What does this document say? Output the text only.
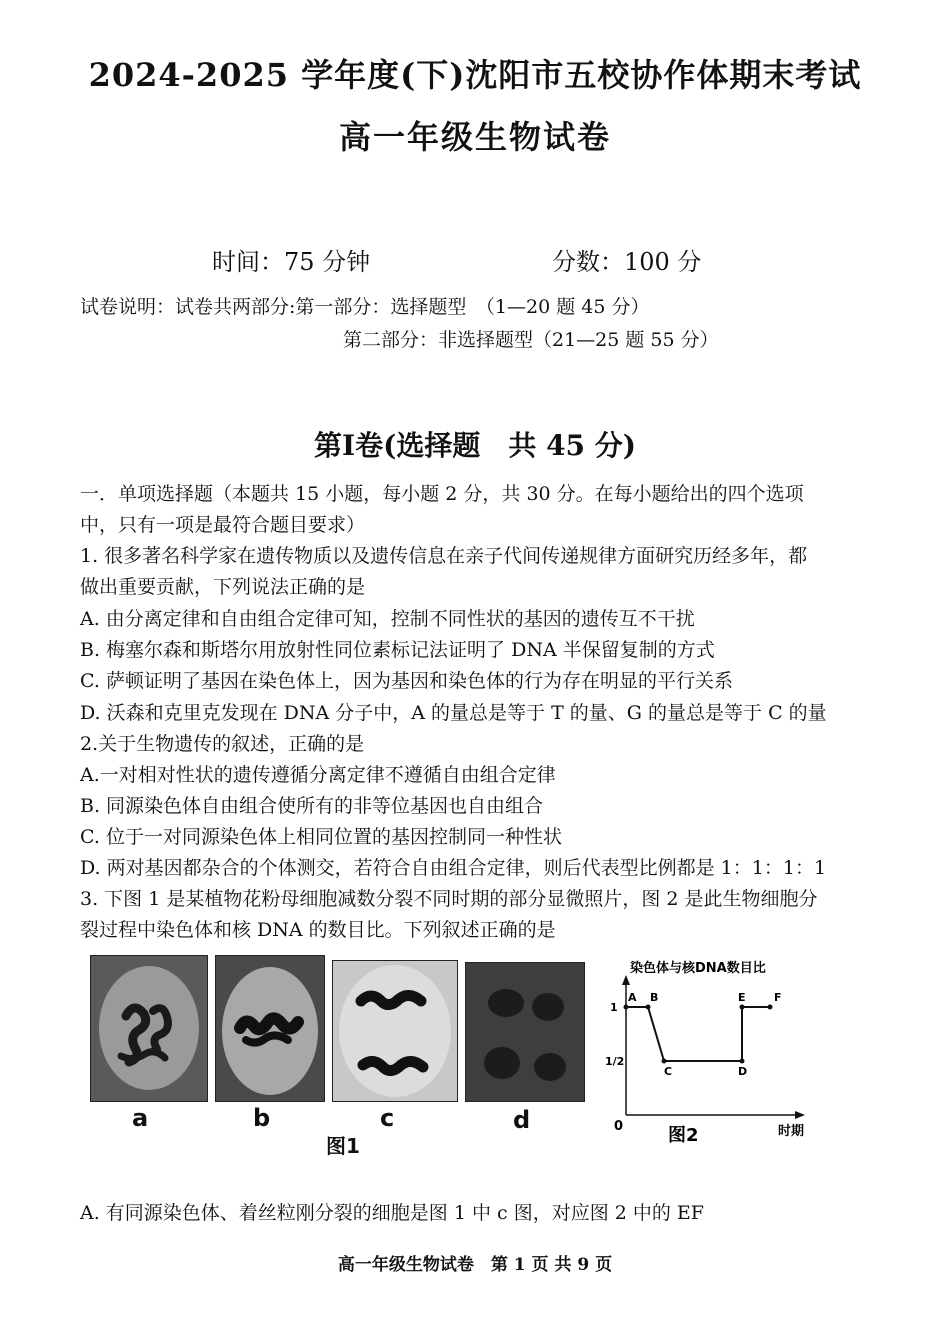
2024-2025 学年度(下)沈阳市五校协作体期末考试
高一年级生物试卷
时间：75 分钟	分数：100 分
试卷说明：试卷共两部分:第一部分：选择题型　（1—20 题 45 分）
第二部分：非选择题型（21—25 题 55 分）
第Ⅰ卷(选择题　共 45 分)
一．单项选择题（本题共 15 小题，每小题 2 分，共 30 分。在每小题给出的四个选项
中，只有一项是最符合题目要求）
1. 很多著名科学家在遗传物质以及遗传信息在亲子代间传递规律方面研究历经多年，都
做出重要贡献，下列说法正确的是
A. 由分离定律和自由组合定律可知，控制不同性状的基因的遗传互不干扰
B. 梅塞尔森和斯塔尔用放射性同位素标记法证明了 DNA 半保留复制的方式
C. 萨顿证明了基因在染色体上，因为基因和染色体的行为存在明显的平行关系
D. 沃森和克里克发现在 DNA 分子中，A 的量总是等于 T 的量、G 的量总是等于 C 的量
2.关于生物遗传的叙述，正确的是
A.一对相对性状的遗传遵循分离定律不遵循自由组合定律
B. 同源染色体自由组合使所有的非等位基因也自由组合
C. 位于一对同源染色体上相同位置的基因控制同一种性状
D. 两对基因都杂合的个体测交，若符合自由组合定律，则后代表型比例都是 1：1：1：1
3. 下图 1 是某植物花粉母细胞减数分裂不同时期的部分显微照片，图 2 是此生物细胞分
裂过程中染色体和核 DNA 的数目比。下列叙述正确的是
a	b	c	d
图1
染色体与核DNA数目比
0
1
1/2
时期
图2
A B
C	D
E	F
A. 有同源染色体、着丝粒刚分裂的细胞是图 1 中 c 图，对应图 2 中的 EF
高一年级生物试卷　第 1 页 共 9 页
